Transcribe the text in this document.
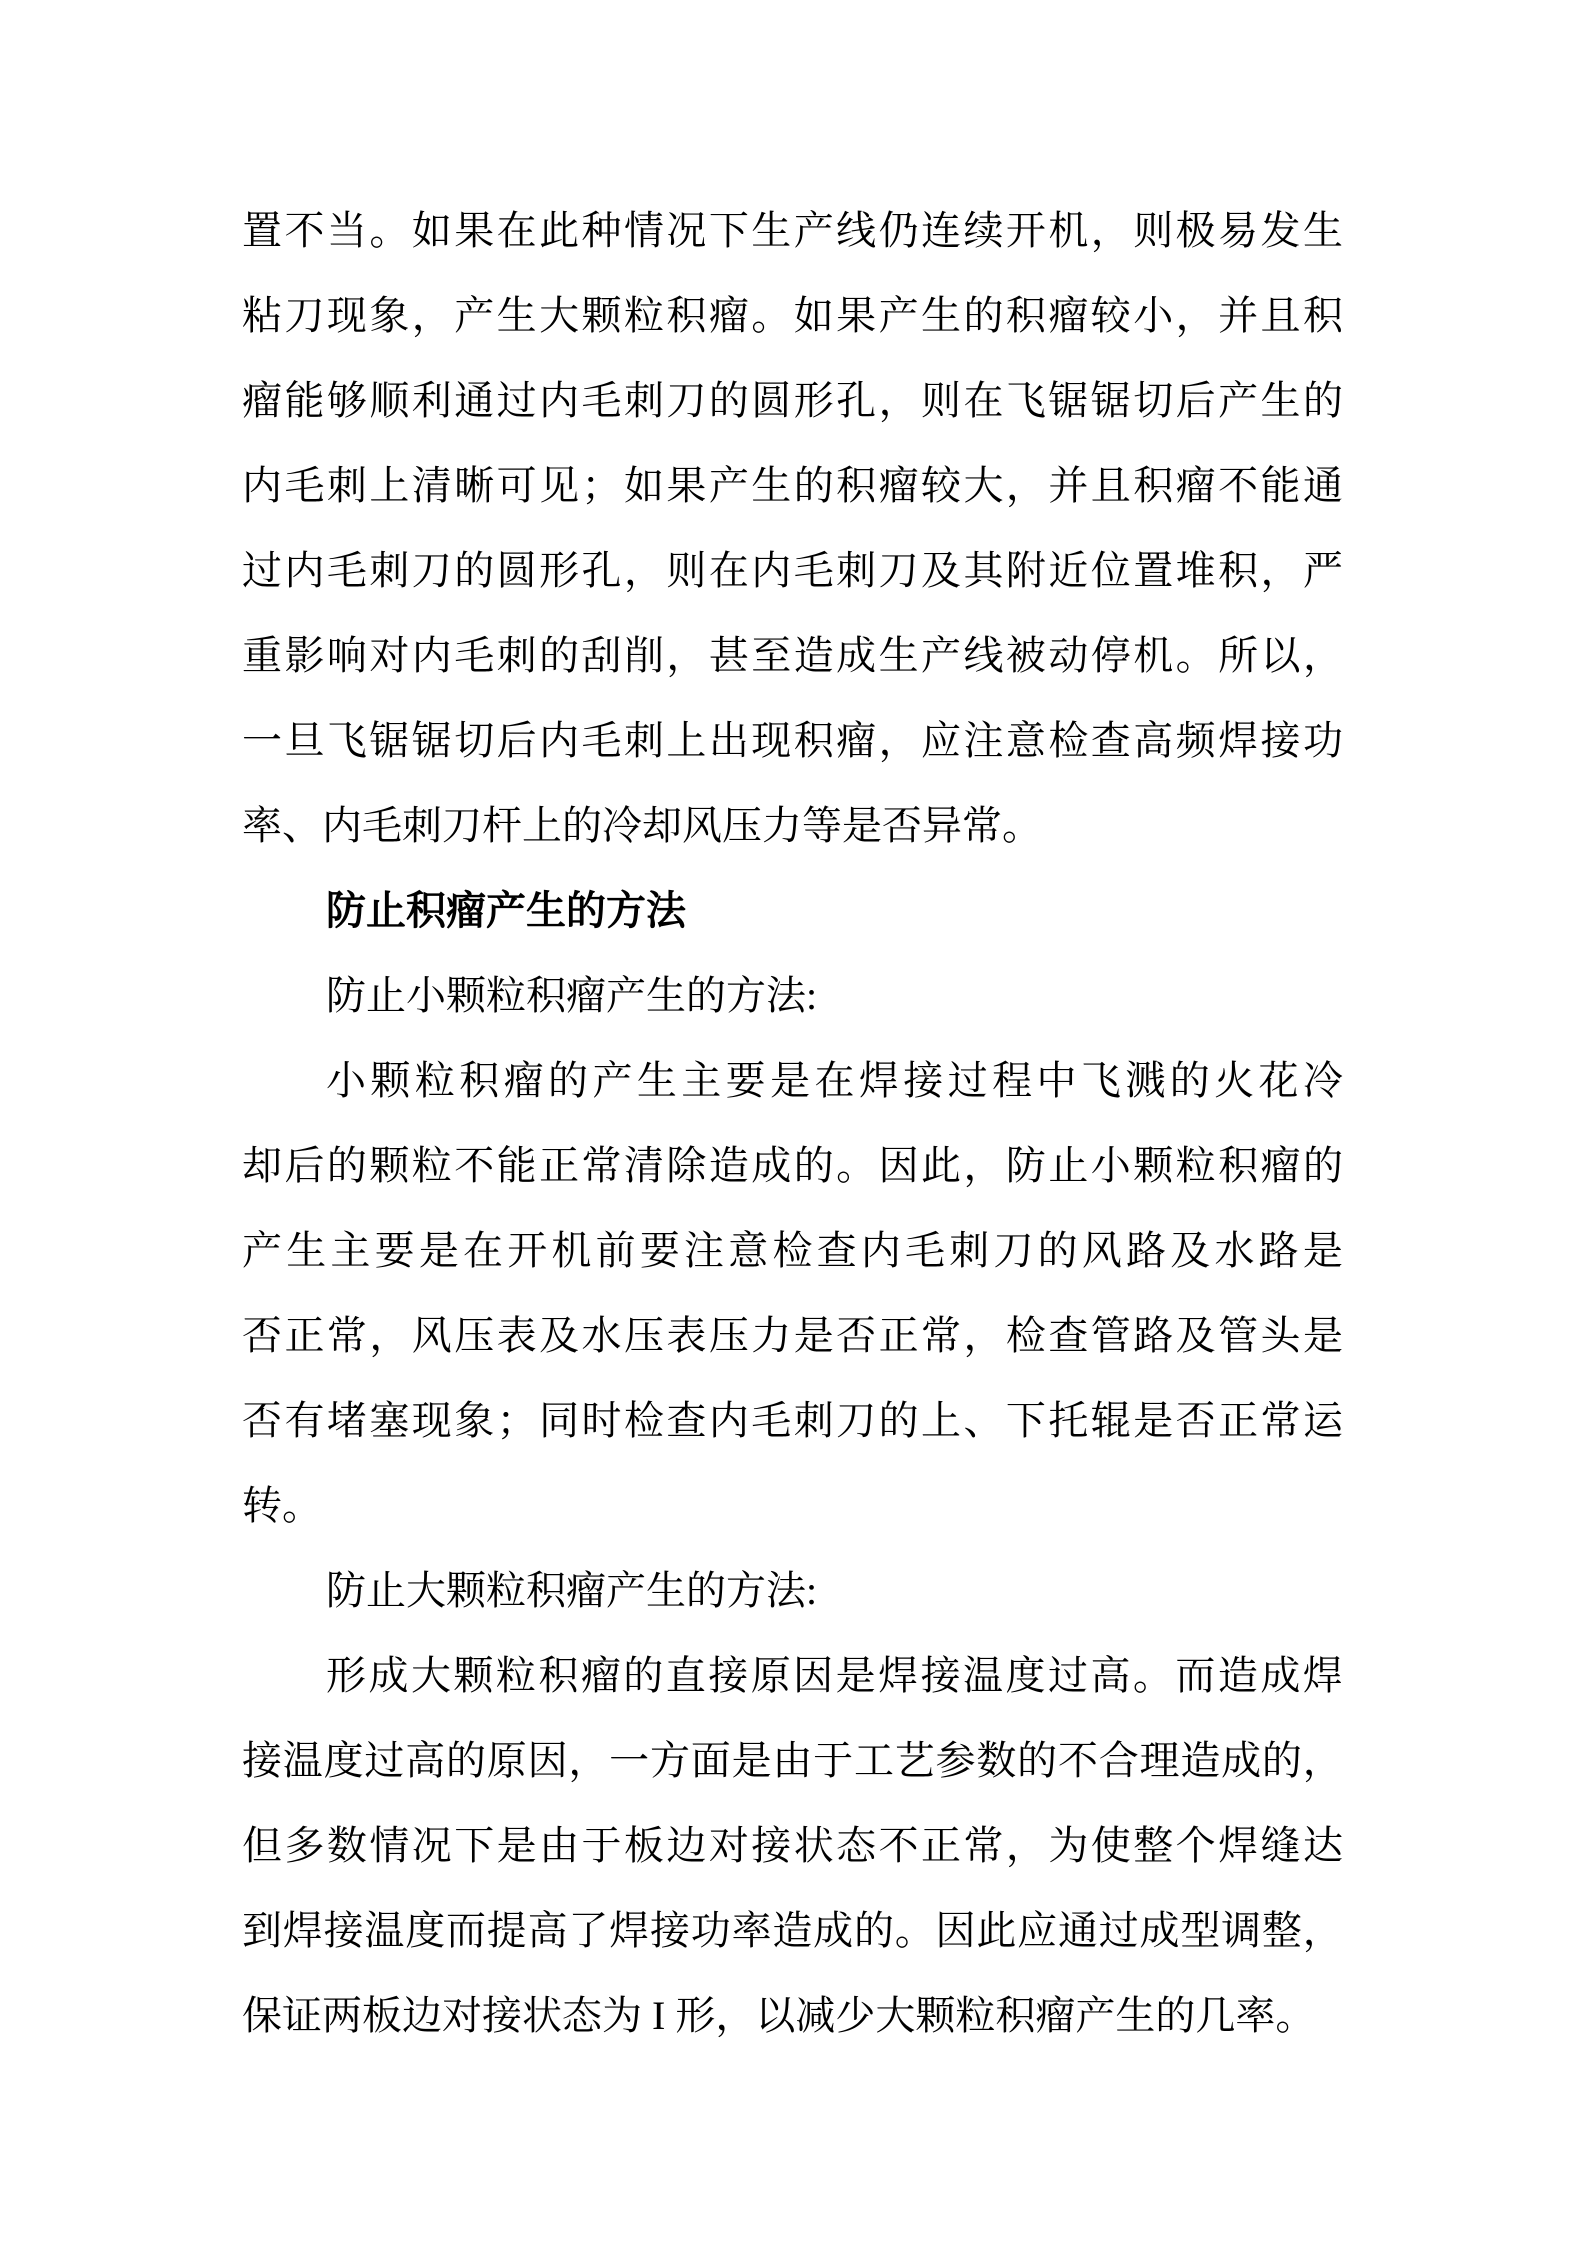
置 不 当 。 如 果 在 此 种 情 况 下 生 产 线 仍 连 续 开 机 ， 则 极 易 发 生
粘 刀 现 象 ， 产 生 大 颗 粒 积 瘤 。 如 果 产 生 的 积 瘤 较 小 ， 并 且 积
瘤 能 够 顺 利 通 过 内 毛 刺 刀 的 圆 形 孔 ， 则 在 飞 锯 锯 切 后 产 生 的
内 毛 刺 上 清 晰 可 见 ； 如 果 产 生 的 积 瘤 较 大 ， 并 且 积 瘤 不 能 通
过 内 毛 刺 刀 的 圆 形 孔 ， 则 在 内 毛 刺 刀 及 其 附 近 位 置 堆 积 ， 严
重 影 响 对 内 毛 刺 的 刮 削 ， 甚 至 造 成 生 产 线 被 动 停 机 。 所 以 ，
一 旦 飞 锯 锯 切 后 内 毛 刺 上 出 现 积 瘤 ， 应 注 意 检 查 高 频 焊 接 功
率、内毛刺刀杆上的冷却风压力等是否异常。
防止积瘤产生的方法
防止小颗粒积瘤产生的方法:
小 颗 粒 积 瘤 的 产 生 主 要 是 在 焊 接 过 程 中 飞 溅 的 火 花 冷
却 后 的 颗 粒 不 能 正 常 清 除 造 成 的 。 因 此 ， 防 止 小 颗 粒 积 瘤 的
产 生 主 要 是 在 开 机 前 要 注 意 检 查 内 毛 刺 刀 的 风 路 及 水 路 是
否 正 常 ， 风 压 表 及 水 压 表 压 力 是 否 正 常 ， 检 查 管 路 及 管 头 是
否 有 堵 塞 现 象 ； 同 时 检 查 内 毛 刺 刀 的 上 、 下 托 辊 是 否 正 常 运
转。
防止大颗粒积瘤产生的方法:
形 成 大 颗 粒 积 瘤 的 直 接 原 因 是 焊 接 温 度 过 高 。 而 造 成 焊
接 温 度 过 高 的 原 因 ， 一 方 面 是 由 于 工 艺 参 数 的 不 合 理 造 成 的 ，
但 多 数 情 况 下 是 由 于 板 边 对 接 状 态 不 正 常 ， 为 使 整 个 焊 缝 达
到 焊 接 温 度 而 提 高 了 焊 接 功 率 造 成 的 。 因 此 应 通 过 成 型 调 整 ，
保证两板边对接状态为 I 形，以减少大颗粒积瘤产生的几率。
